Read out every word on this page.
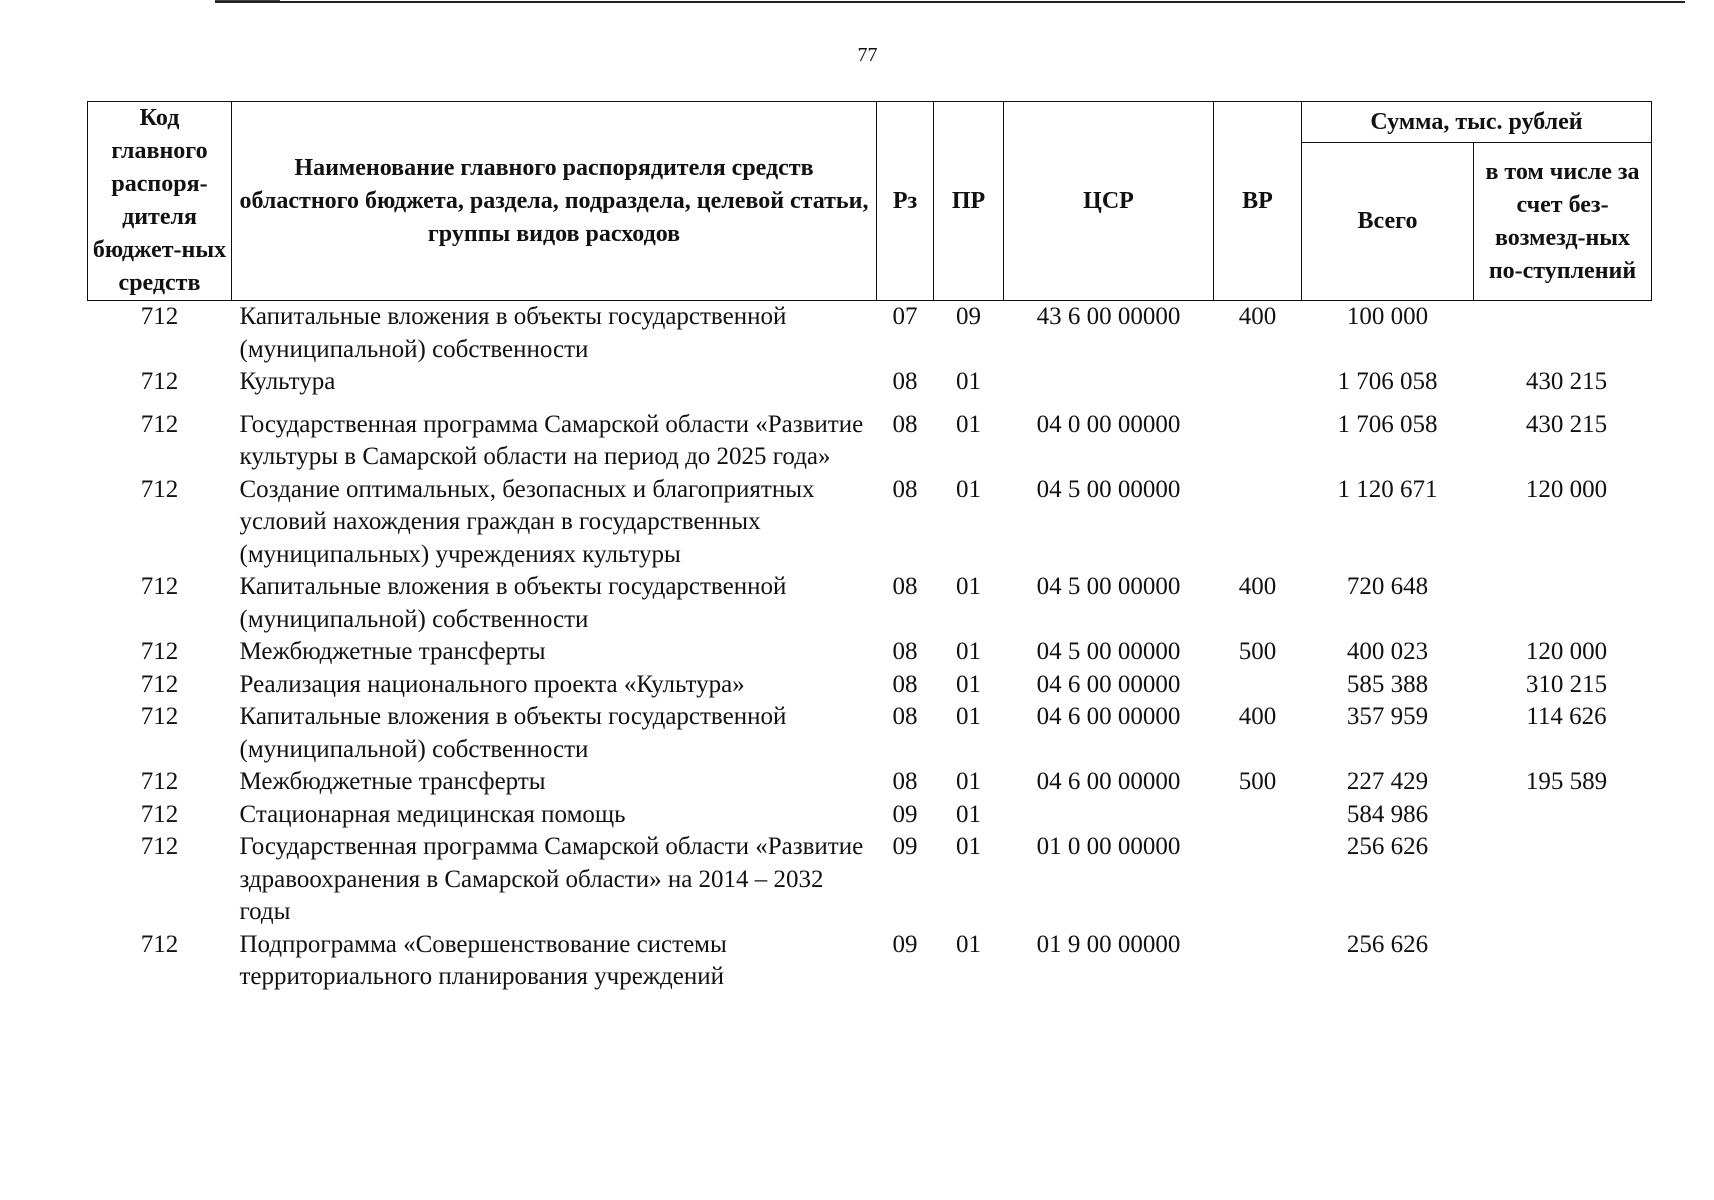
77
Код главного распоря-дителя бюджет-ных средств	Наименование главного распорядителя средств областного бюджета, раздела, подраздела, целевой статьи, группы видов расходов	Рз	ПР	ЦСР	ВР	Сумма, тыс. рублей	
						Всего	в том числе за счет без-возмезд-ных по-ступлений
712	Капитальные вложения в объекты государственной (муниципальной) собственности	07	09	43 6 00 00000	400	100 000	
712	Культура	08	01			1 706 058	430 215
712	Государственная программа Самарской области «Развитие культуры в Самарской области на период до 2025 года»	08	01	04 0 00 00000		1 706 058	430 215
712	Создание оптимальных, безопасных и благоприятных условий нахождения граждан в государственных (муниципальных) учреждениях культуры	08	01	04 5 00 00000		1 120 671	120 000
712	Капитальные вложения в объекты государственной (муниципальной) собственности	08	01	04 5 00 00000	400	720 648	
712	Межбюджетные трансферты	08	01	04 5 00 00000	500	400 023	120 000
712	Реализация национального проекта «Культура»	08	01	04 6 00 00000		585 388	310 215
712	Капитальные вложения в объекты государственной (муниципальной) собственности	08	01	04 6 00 00000	400	357 959	114 626
712	Межбюджетные трансферты	08	01	04 6 00 00000	500	227 429	195 589
712	Стационарная медицинская помощь	09	01			584 986	
712	Государственная программа Самарской области «Развитие здравоохранения в Самарской области» на 2014 – 2032 годы	09	01	01 0 00 00000		256 626	
712	Подпрограмма «Совершенствование системы территориального планирования учреждений	09	01	01 9 00 00000		256 626	
